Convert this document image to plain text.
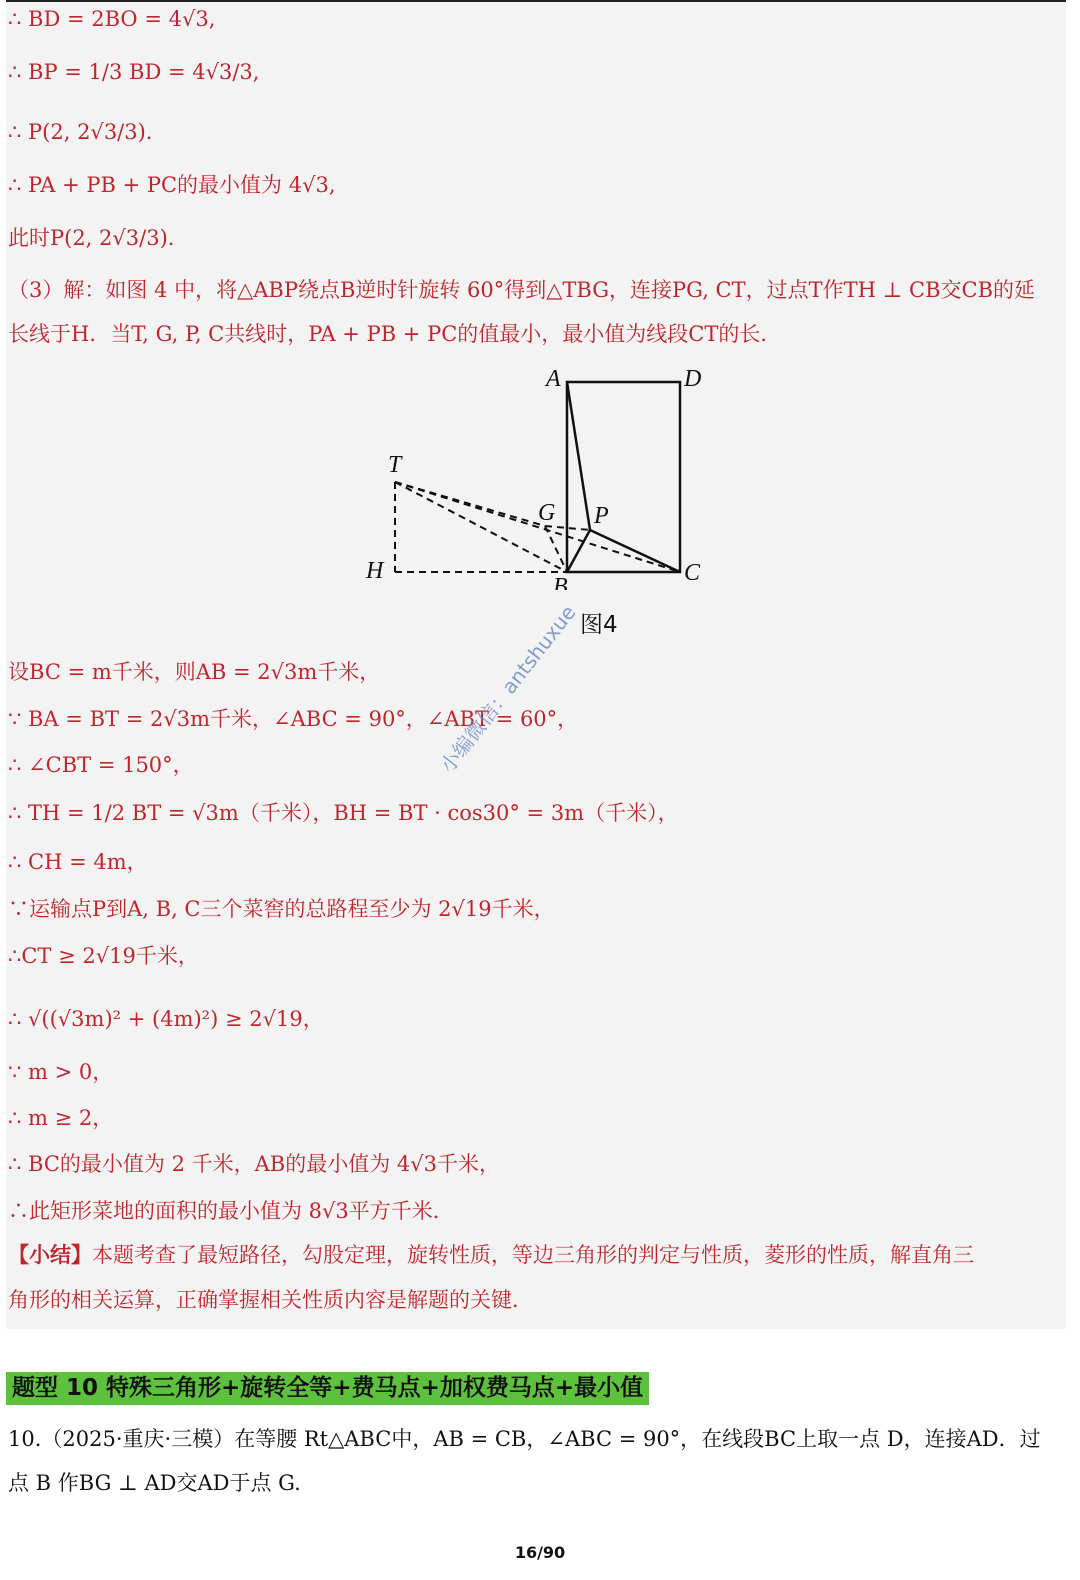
∴ BD = 2BO = 4√3,
∴ BP = 1/3 BD = 4√3/3,
∴ P(2, 2√3/3).
∴ PA + PB + PC的最小值为 4√3,
此时P(2, 2√3/3).
（3）解：如图 4 中，将△ABP绕点B逆时针旋转 60°得到△TBG，连接PG, CT，过点T作TH ⊥ CB交CB的延
长线于H．当T, G, P, C共线时，PA + PB + PC的值最小，最小值为线段CT的长．
A	D
T
G P
H
B
C
图4
设BC = m千米，则AB = 2√3m千米，
∵ BA = BT = 2√3m千米，∠ABC = 90°，∠ABT = 60°，
∴ ∠CBT = 150°，
∴ TH = 1/2 BT = √3m（千米），BH = BT · cos30° = 3m（千米），
∴ CH = 4m，
∵运输点P到A, B, C三个菜窖的总路程至少为 2√19千米，
∴CT ≥ 2√19千米，
∴ √((√3m)² + (4m)²) ≥ 2√19，
∵ m > 0，
∴ m ≥ 2，
∴ BC的最小值为 2 千米，AB的最小值为 4√3千米，
∴此矩形菜地的面积的最小值为 8√3平方千米．
【小结】本题考查了最短路径，勾股定理，旋转性质，等边三角形的判定与性质，菱形的性质，解直角三
角形的相关运算，正确掌握相关性质内容是解题的关键．
小编微信：antshuxue
题型 10 特殊三角形+旋转全等+费马点+加权费马点+最小值
10.（2025·重庆·三模）在等腰 Rt△ABC中，AB = CB，∠ABC = 90°，在线段BC上取一点 D，连接AD．过
点 B 作BG ⊥ AD交AD于点 G.
16/90
